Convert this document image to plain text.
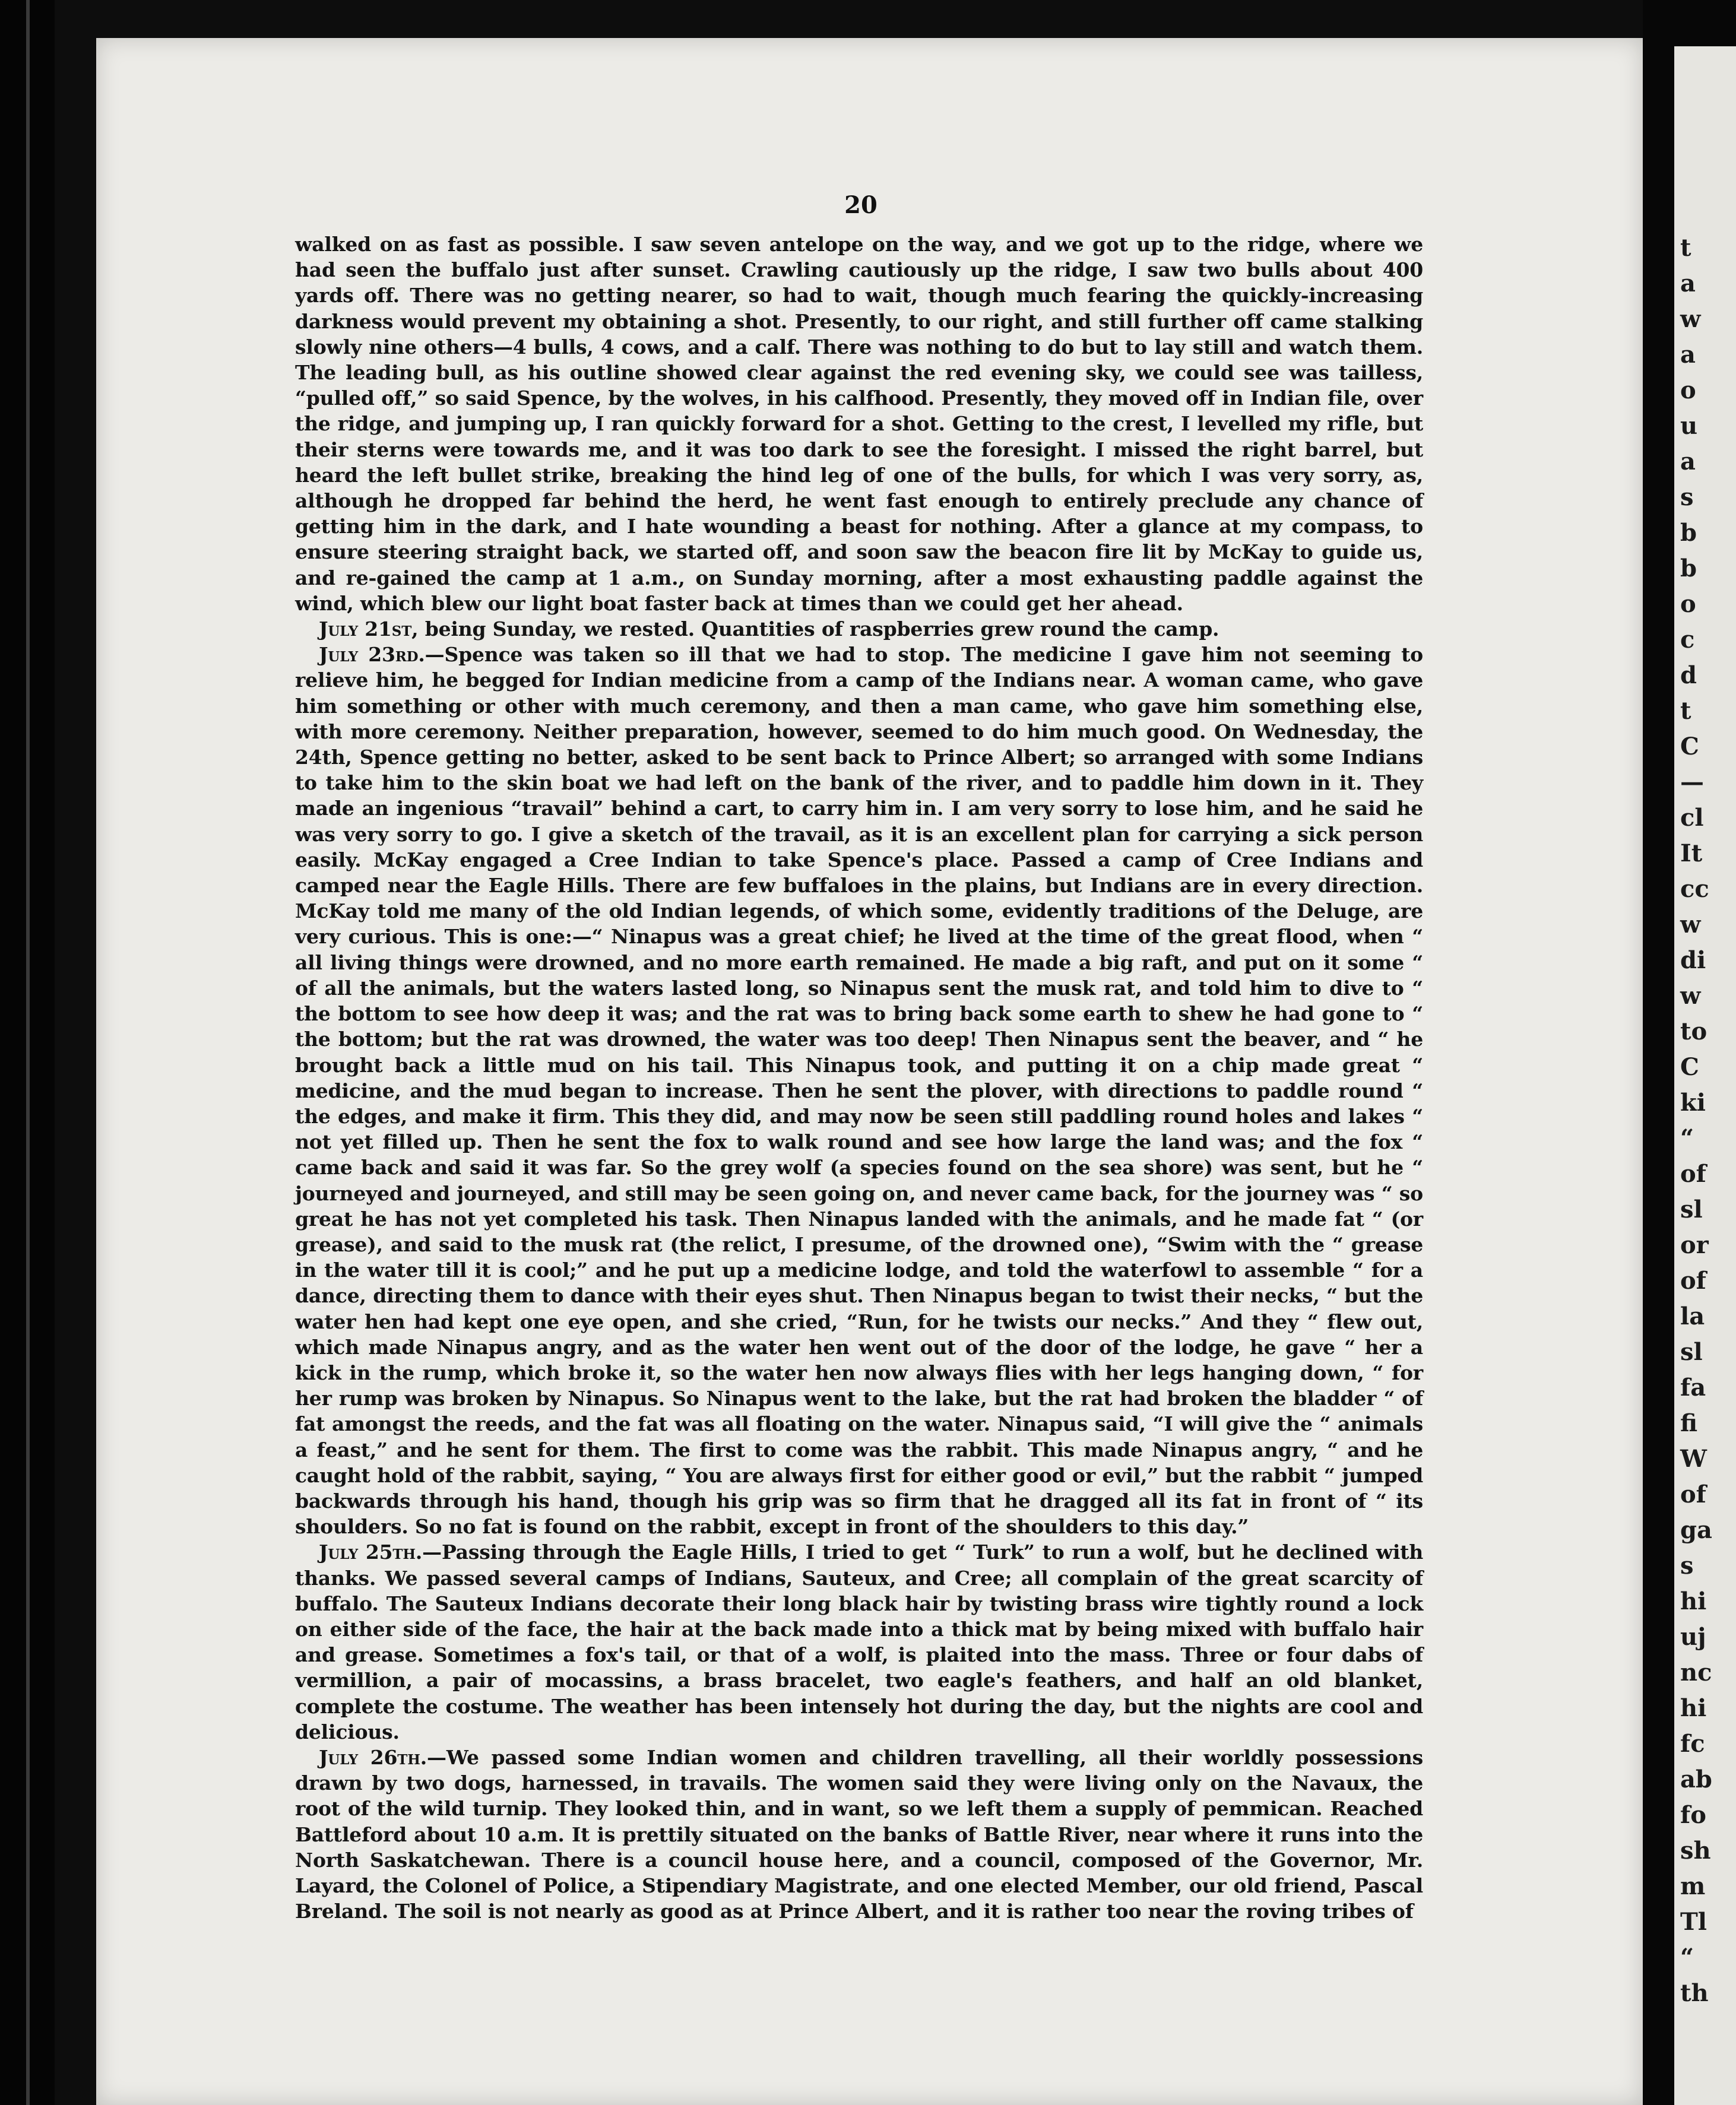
t
a
w
a
o
u
a
s
b
b
o
c
d
t
C
—
cl
It
cc
w
di
w
to
C
ki
“
of
sl
or
of
la
sl
fa
fi
W
of
ga
s
hi
uj
nc
hi
fc
ab
fo
sh
m
Tl
“
th
20

walked on as fast as possible. I saw seven antelope on the way, and we got up to the ridge, where we had seen the buffalo just after sunset. Crawling cautiously up the ridge, I saw two bulls about 400 yards off. There was no getting nearer, so had to wait, though much fearing the quickly-increasing darkness would prevent my obtaining a shot. Presently, to our right, and still further off came stalking slowly nine others—4 bulls, 4 cows, and a calf. There was nothing to do but to lay still and watch them. The leading bull, as his outline showed clear against the red evening sky, we could see was tailless, “pulled off,” so said Spence, by the wolves, in his calfhood. Presently, they moved off in Indian file, over the ridge, and jumping up, I ran quickly forward for a shot. Getting to the crest, I levelled my rifle, but their sterns were towards me, and it was too dark to see the foresight. I missed the right barrel, but heard the left bullet strike, breaking the hind leg of one of the bulls, for which I was very sorry, as, although he dropped far behind the herd, he went fast enough to entirely preclude any chance of getting him in the dark, and I hate wounding a beast for nothing. After a glance at my compass, to ensure steering straight back, we started off, and soon saw the beacon fire lit by McKay to guide us, and re-gained the camp at 1 a.m., on Sunday morning, after a most exhausting paddle against the wind, which blew our light boat faster back at times than we could get her ahead.

July 21st, being Sunday, we rested. Quantities of raspberries grew round the camp.

July 23rd.—Spence was taken so ill that we had to stop. The medicine I gave him not seeming to relieve him, he begged for Indian medicine from a camp of the Indians near. A woman came, who gave him something or other with much ceremony, and then a man came, who gave him something else, with more ceremony. Neither preparation, however, seemed to do him much good. On Wednesday, the 24th, Spence getting no better, asked to be sent back to Prince Albert; so arranged with some Indians to take him to the skin boat we had left on the bank of the river, and to paddle him down in it. They made an ingenious “travail” behind a cart, to carry him in. I am very sorry to lose him, and he said he was very sorry to go. I give a sketch of the travail, as it is an excellent plan for carrying a sick person easily. McKay engaged a Cree Indian to take Spence's place. Passed a camp of Cree Indians and camped near the Eagle Hills. There are few buffaloes in the plains, but Indians are in every direction. McKay told me many of the old Indian legends, of which some, evidently traditions of the Deluge, are very curious. This is one:—“ Ninapus was a great chief; he lived at the time of the great flood, when “ all living things were drowned, and no more earth remained. He made a big raft, and put on it some “ of all the animals, but the waters lasted long, so Ninapus sent the musk rat, and told him to dive to “ the bottom to see how deep it was; and the rat was to bring back some earth to shew he had gone to “ the bottom; but the rat was drowned, the water was too deep! Then Ninapus sent the beaver, and “ he brought back a little mud on his tail. This Ninapus took, and putting it on a chip made great “ medicine, and the mud began to increase. Then he sent the plover, with directions to paddle round “ the edges, and make it firm. This they did, and may now be seen still paddling round holes and lakes “ not yet filled up. Then he sent the fox to walk round and see how large the land was; and the fox “ came back and said it was far. So the grey wolf (a species found on the sea shore) was sent, but he “ journeyed and journeyed, and still may be seen going on, and never came back, for the journey was “ so great he has not yet completed his task. Then Ninapus landed with the animals, and he made fat “ (or grease), and said to the musk rat (the relict, I presume, of the drowned one), “Swim with the “ grease in the water till it is cool;” and he put up a medicine lodge, and told the waterfowl to assemble “ for a dance, directing them to dance with their eyes shut. Then Ninapus began to twist their necks, “ but the water hen had kept one eye open, and she cried, “Run, for he twists our necks.” And they “ flew out, which made Ninapus angry, and as the water hen went out of the door of the lodge, he gave “ her a kick in the rump, which broke it, so the water hen now always flies with her legs hanging down, “ for her rump was broken by Ninapus. So Ninapus went to the lake, but the rat had broken the bladder “ of fat amongst the reeds, and the fat was all floating on the water. Ninapus said, “I will give the “ animals a feast,” and he sent for them. The first to come was the rabbit. This made Ninapus angry, “ and he caught hold of the rabbit, saying, “ You are always first for either good or evil,” but the rabbit “ jumped backwards through his hand, though his grip was so firm that he dragged all its fat in front of “ its shoulders. So no fat is found on the rabbit, except in front of the shoulders to this day.”

July 25th.—Passing through the Eagle Hills, I tried to get “ Turk” to run a wolf, but he declined with thanks. We passed several camps of Indians, Sauteux, and Cree; all complain of the great scarcity of buffalo. The Sauteux Indians decorate their long black hair by twisting brass wire tightly round a lock on either side of the face, the hair at the back made into a thick mat by being mixed with buffalo hair and grease. Sometimes a fox's tail, or that of a wolf, is plaited into the mass. Three or four dabs of vermillion, a pair of mocassins, a brass bracelet, two eagle's feathers, and half an old blanket, complete the costume. The weather has been intensely hot during the day, but the nights are cool and delicious.

July 26th.—We passed some Indian women and children travelling, all their worldly possessions drawn by two dogs, harnessed, in travails. The women said they were living only on the Navaux, the root of the wild turnip. They looked thin, and in want, so we left them a supply of pemmican. Reached Battleford about 10 a.m. It is prettily situated on the banks of Battle River, near where it runs into the North Saskatchewan. There is a council house here, and a council, composed of the Governor, Mr. Layard, the Colonel of Police, a Stipendiary Magistrate, and one elected Member, our old friend, Pascal Breland. The soil is not nearly as good as at Prince Albert, and it is rather too near the roving tribes of
